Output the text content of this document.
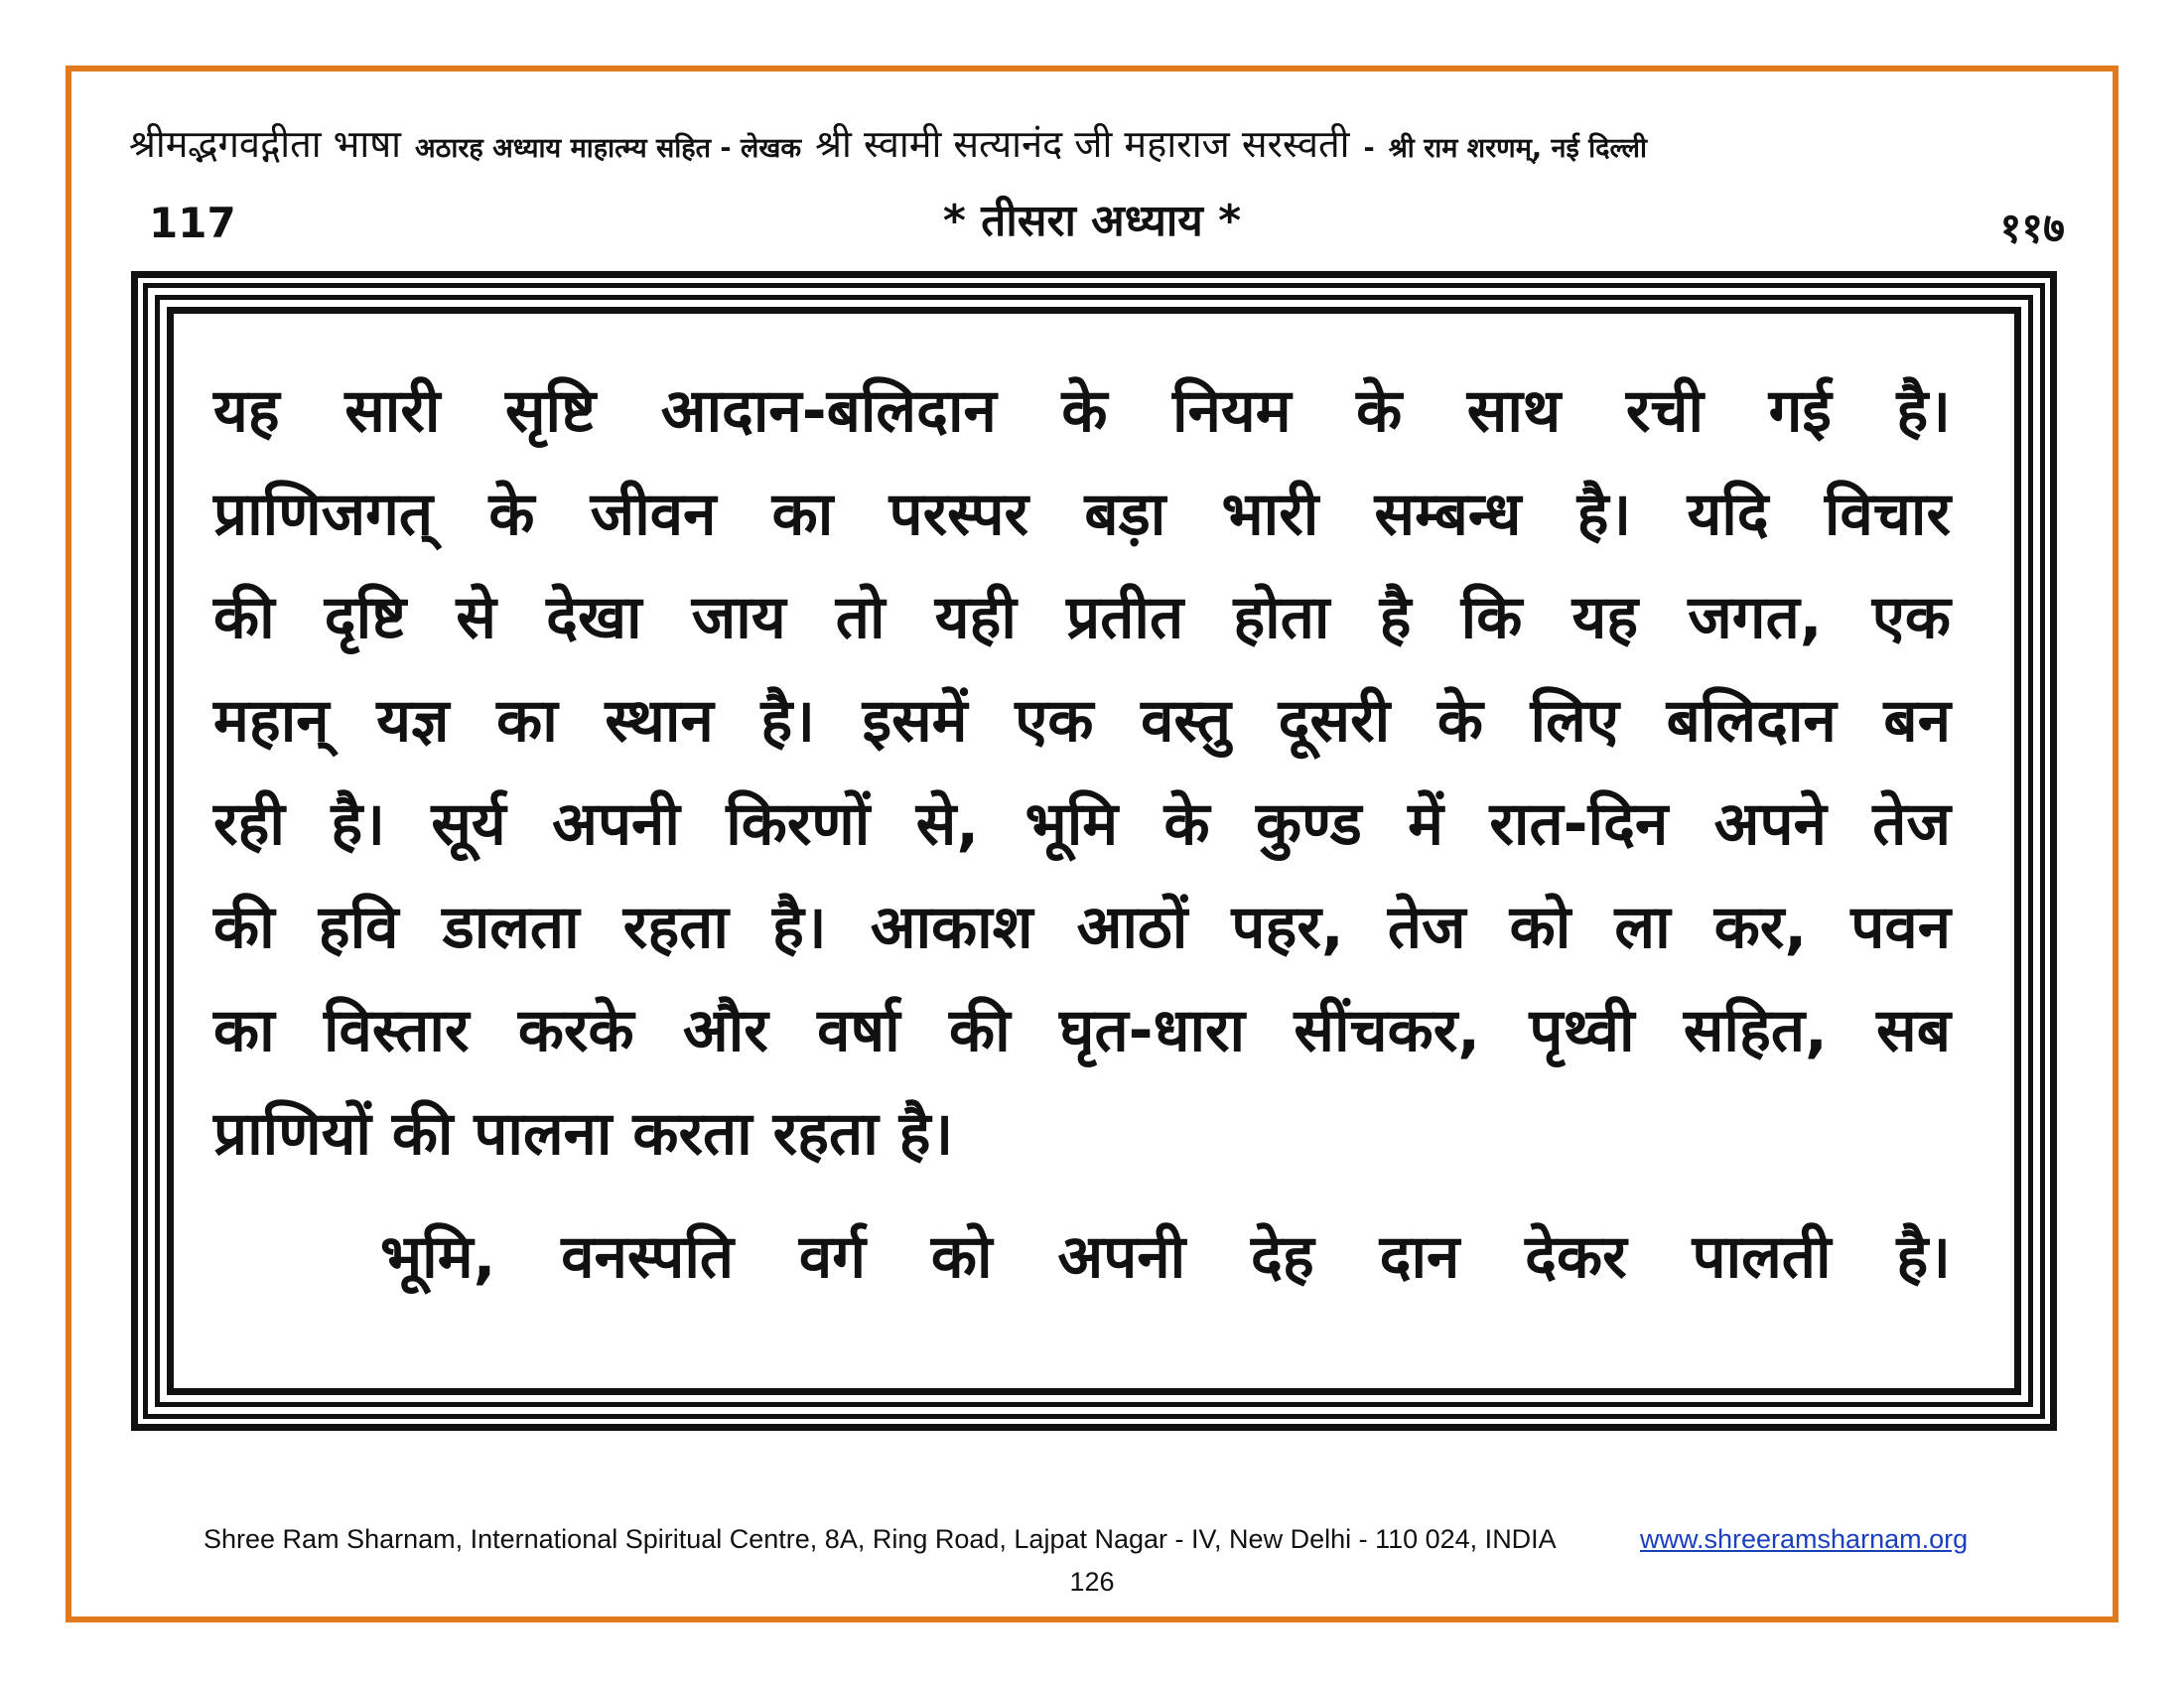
श्रीमद्भगवद्गीता भाषा अठारह अध्याय माहात्म्य सहित - लेखक श्री स्वामी सत्यानंद जी महाराज सरस्वती - श्री राम शरणम्, नई दिल्ली
117	* तीसरा अध्याय *	११७
यह सारी सृष्टि आदान-बलिदान के नियम के साथ रची गई है।
प्राणिजगत् के जीवन का परस्पर बड़ा भारी सम्बन्ध है। यदि विचार
की दृष्टि से देखा जाय तो यही प्रतीत होता है कि यह जगत, एक
महान् यज्ञ का स्थान है। इसमें एक वस्तु दूसरी के लिए बलिदान बन
रही है। सूर्य अपनी किरणों से, भूमि के कुण्ड में रात-दिन अपने तेज
की हवि डालता रहता है। आकाश आठों पहर, तेज को ला कर, पवन
का विस्तार करके और वर्षा की घृत-धारा सींचकर, पृथ्वी सहित, सब
प्राणियों की पालना करता रहता है।
भूमि, वनस्पति वर्ग को अपनी देह दान देकर पालती है।
Shree Ram Sharnam, International Spiritual Centre, 8A, Ring Road, Lajpat Nagar - IV, New Delhi - 110 024, INDIA	www.shreeramsharnam.org
126
